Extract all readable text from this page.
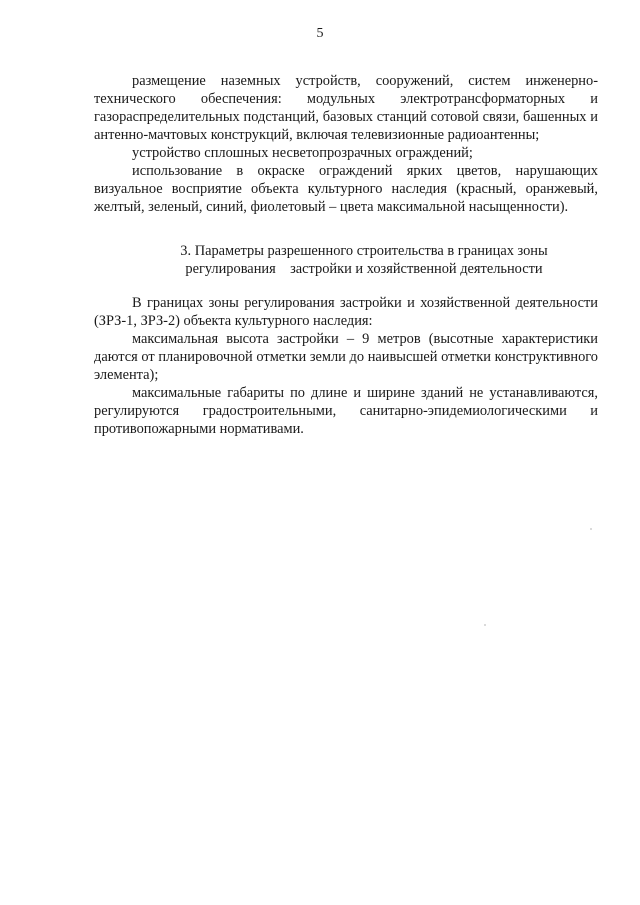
5

размещение наземных устройств, сооружений, систем инженерно-технического обеспечения: модульных электротрансформаторных и газораспределительных подстанций, базовых станций сотовой связи, башенных и антенно-мачтовых конструкций, включая телевизионные радиоантенны;

устройство сплошных несветопрозрачных ограждений;

использование в окраске ограждений ярких цветов, нарушающих визуальное восприятие объекта культурного наследия (красный, оранжевый, желтый, зеленый, синий, фиолетовый – цвета максимальной насыщенности).

3. Параметры разрешенного строительства в границах зоны

регулирования    застройки и хозяйственной деятельности

В границах зоны регулирования застройки и хозяйственной деятельности (ЗРЗ-1, ЗРЗ-2) объекта культурного наследия:

максимальная высота застройки – 9 метров (высотные характеристики даются от планировочной отметки земли до наивысшей отметки конструктивного элемента);

максимальные габариты по длине и ширине зданий не устанавливаются, регулируются градостроительными, санитарно-эпидемиологическими и противопожарными нормативами.
